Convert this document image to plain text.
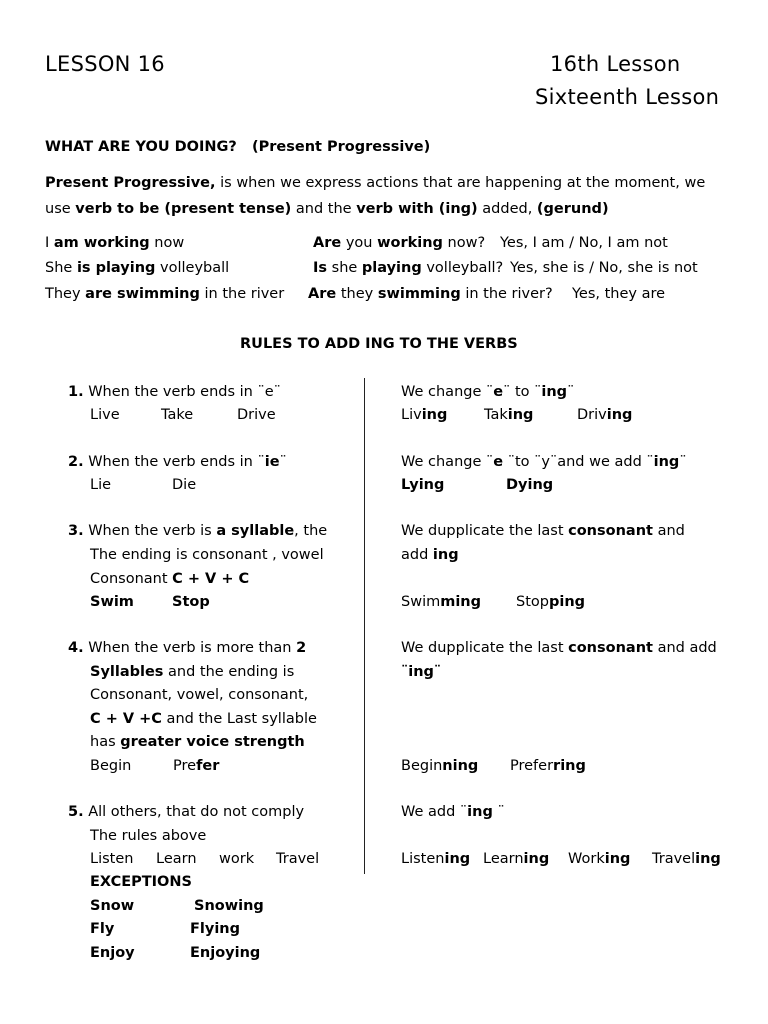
LESSON 16	16th Lesson
Sixteenth Lesson
WHAT ARE YOU DOING? (Present Progressive)
Present Progressive, is when we express actions that are happening at the moment, we
use verb to be (present tense) and the verb with (ing) added, (gerund)
I am working now	Are you working now? Yes, I am / No, I am not
She is playing volleyball	Is she playing volleyball? Yes, she is / No, she is not
They are swimming in the river Are they swimming in the river? Yes, they are
RULES TO ADD ING TO THE VERBS
1. When the verb ends in ¨e¨
Live	Take	Drive
We change ¨e¨ to ¨ing¨
Living	Taking	Driving
2. When the verb ends in ¨ie¨
Lie	Die
We change ¨e ¨to ¨y¨and we add ¨ing¨
Lying	Dying
3. When the verb is a syllable, the
The ending is consonant , vowel
Consonant C + V + C
Swim	Stop
We dupplicate the last consonant and
add ing
Swimming Stopping
4. When the verb is more than 2
Syllables and the ending is
Consonant, vowel, consonant,
C + V +C and the Last syllable
has greater voice strength
Begin	Prefer
We dupplicate the last consonant and add
¨ing¨
Beginning Preferring
5. All others, that do not comply
The rules above
Listen Learn work Travel
We add ¨ing ¨
Listening Learning Working Traveling
EXCEPTIONS
Snow	Snowing
Fly	Flying
Enjoy	Enjoying
